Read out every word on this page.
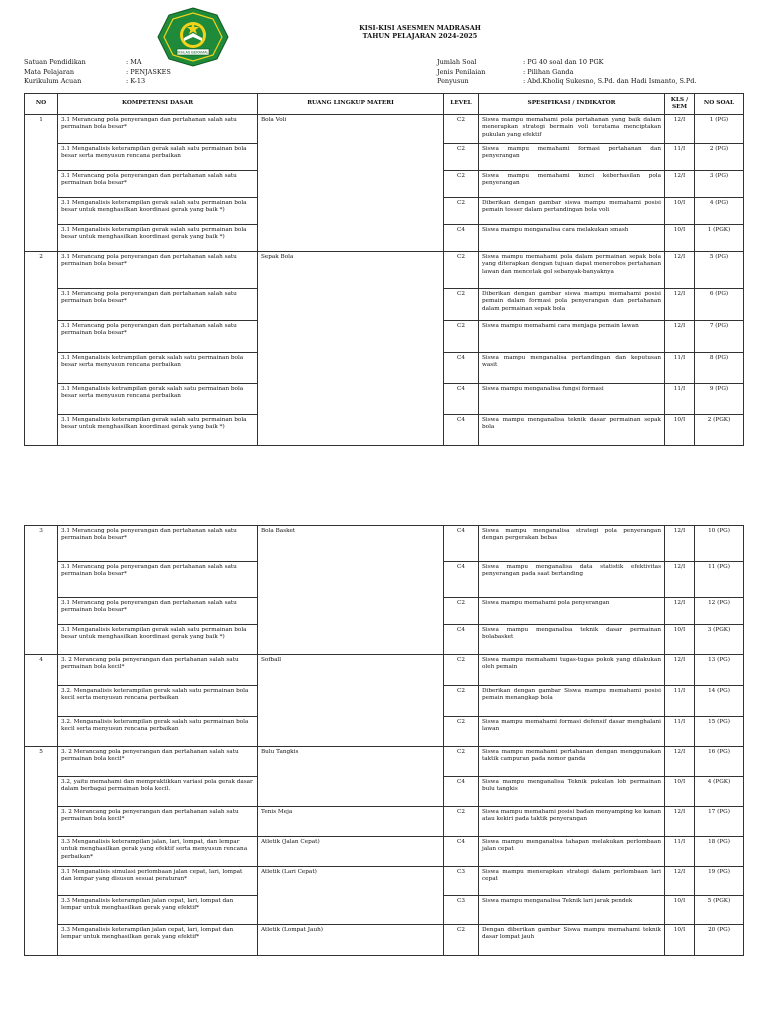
IKHLAS BERAMAL
KISI-KISI ASESMEN MADRASAH
TAHUN PELAJARAN 2024-2025
Satuan Pendidikan	: MA
Mata Pelajaran	: PENJASKES
Kurikulum Acuan	: K-13
Jumlah Soal	: PG 40 soal dan 10 PGK
Jenis Penilaian	: Pilihan Ganda
Penyusun	: Abd.Kholiq Sukesno, S.Pd. dan Hadi Ismanto, S.Pd.
NO	KOMPETENSI DASAR	RUANG LINGKUP MATERI	LEVEL	SPESIFIKASI / INDIKATOR	KLS / SEM	NO SOAL
1	3.1 Merancang pola penyerangan dan pertahanan salah satu permainan bola besar*	Bola Voli	C2	Siswa mampu memahami pola pertahanan yang baik dalam menerapkan strategi bermain voli terutama menciptakan pukulan yang efektif	12/I	1 (PG)
	3.1 Menganalisis keterampilan gerak salah satu permainan bola besar serta menyusun rencana perbaikan		C2	Siswa mampu memahami formasi pertahanan dan penyerangan	11/I	2 (PG)
	3.1 Merancang pola penyerangan dan pertahanan salah satu permainan bola besar*		C2	Siswa mampu memahami kunci keberhasilan pola penyerangan	12/I	3 (PG)
	3.1 Menganalisis keterampilan gerak salah satu permainan bola besar untuk menghasilkan koordinasi gerak yang baik *)		C2	Diberikan dengan gambar siswa mampu memahami posisi pemain tosser dalam pertandingan bola voli	10/I	4 (PG)
	3.1 Menganalisis keterampilan gerak salah satu permainan bola besar untuk menghasilkan koordinasi gerak yang baik *)		C4	Siswa mampu menganalisa cara melakukan smash	10/I	1 (PGK)
2	3.1 Merancang pola penyerangan dan pertahanan salah satu permainan bola besar*	Sepak Bola	C2	Siswa mampu memahami pola dalam permainan sepak bola yang diterapkan dengan tujuan dapat menerobos pertahanan lawan dan mencetak gol sebanyak-banyaknya	12/I	5 (PG)
	3.1 Merancang pola penyerangan dan pertahanan salah satu permainan bola besar*		C2	Diberikan dengan gambar siswa mampu memahami posisi pemain dalam formasi pola penyerangan dan pertahanan dalam permainan sepak bola	12/I	6 (PG)
	3.1 Merancang pola penyerangan dan pertahanan salah satu permainan bola besar*		C2	Siswa mampu memahami cara menjaga pemain lawan	12/I	7 (PG)
	3.1 Menganalisis ketrampilan gerak salah satu permainan bola besar serta menyusun rencana perbaikan		C4	Siswa mampu menganalisa pertandingan dan keputusan wasit	11/I	8 (PG)
	3.1 Menganalisis ketrampilan gerak salah satu permainan bola besar serta menyusun rencana perbaikan		C4	Siswa mampu menganalisa fungsi formasi	11/I	9 (PG)
	3.1 Menganalisis keterampilan gerak salah satu permainan bola besar untuk menghasilkan koordinasi gerak yang baik *)		C4	Siswa mampu menganalisa teknik dasar permainan sepak bola	10/I	2 (PGK)
3	3.1 Merancang pola penyerangan dan pertahanan salah satu permainan bola besar*	Bola Basket	C4	Siswa mampu menganalisa strategi pola penyerangan dengan pergerakan bebas	12/I	10 (PG)
	3.1 Merancang pola penyerangan dan pertahanan salah satu permainan bola besar*		C4	Siswa mampu menganalisa data statistik efektivitas penyerangan pada saat bertanding	12/I	11 (PG)
	3.1 Merancang pola penyerangan dan pertahanan salah satu permainan bola besar*		C2	Siswa mampu memahami pola penyerangan	12/I	12 (PG)
	3.1 Menganalisis keterampilan gerak salah satu permainan bola besar untuk menghasilkan koordinasi gerak yang baik *)		C4	Siswa mampu menganalisa teknik dasar permainan bolabasket	10/I	3 (PGK)
4	3. 2 Merancang pola penyerangan dan pertahanan salah satu permainan bola kecil*	Sofball	C2	Siswa mampu memahami tugas-tugas pokok yang dilakukan oleh pemain	12/I	13 (PG)
	3.2. Menganalisis keterampilan gerak salah satu permainan bola kecil serta menyusun rencana perbaikan		C2	Diberikan dengan gambar Siswa mampu memahami posisi pemain menangkap bola	11/I	14 (PG)
	3.2. Menganalisis keterampilan gerak salah satu permainan bola kecil serta menyusun rencana perbaikan		C2	Siswa mampu memahami formasi defensif dasar menghalani lawan	11/I	15 (PG)
5	3. 2 Merancang pola penyerangan dan pertahanan salah satu permainan bola kecil*	Bulu Tangkis	C2	Siswa mampu memahami pertahanan dengan menggunakan taktik campuran pada nomor ganda	12/I	16 (PG)
	3.2, yaitu memahami dan mempraktikkan variasi pola gerak dasar dalam berbagai permainan bola kecil.		C4	Siswa mampu menganalisa Teknik pukulan lob permainan bulu tangkis	10/I	4 (PGK)
	3. 2 Merancang pola penyerangan dan pertahanan salah satu permainan bola kecil*	Tenis Meja	C2	Siswa mampu memahami posisi badan menyamping ke kanan atau kekiri pada taktik penyerangan	12/I	17 (PG)
	3.3 Menganalisis keterampilan jalan, lari, lompat, dan lempar untuk menghasilkan gerak yang efektif serta menyusun rencana perbaikan*	Atletik (Jalan Cepat)	C4	Siswa mampu menganalisa tahapan melakukan perlombaan jalan cepat	11/I	18 (PG)
	3.1 Menganalisis simulasi perlombaan jalan cepat, lari, lompat dan lempar yang disusun sesuai peraturan*	Atletik (Lari Cepat)	C3	Siswa mampu menerapkan strategi dalam perlombaan lari cepat	12/I	19 (PG)
	3.3 Menganalisis keterampilan jalan cepat, lari, lompat dan lempar untuk menghasilkan gerak yang efektif*		C3	Siswa mampu menganalisa Teknik lari jarak pendek	10/I	5 (PGK)
	3.3 Menganalisis keterampilan jalan cepat, lari, lompat dan lempar untuk menghasilkan gerak yang efektif*	Atletik (Lompat Jauh)	C2	Dengan diberikan gambar Siswa mampu memahami teknik dasar lompat jauh	10/I	20 (PG)
